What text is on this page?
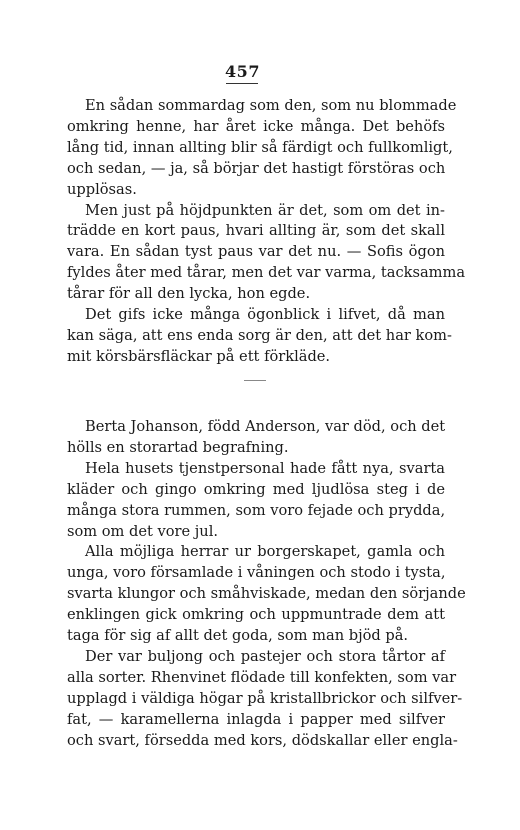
457

En sådan sommardag som den, som nu blommade
omkring henne, har året icke många. Det behöfs
lång tid, innan allting blir så färdigt och fullkomligt,
och sedan, — ja, så börjar det hastigt förstöras och
upplösas.

Men just på höjdpunkten är det, som om det in-
trädde en kort paus, hvari allting är, som det skall
vara. En sådan tyst paus var det nu. — Sofis ögon
fyldes åter med tårar, men det var varma, tacksamma
tårar för all den lycka, hon egde.

Det gifs icke många ögonblick i lifvet, då man
kan säga, att ens enda sorg är den, att det har kom-
mit körsbärsfläckar på ett förkläde.

Berta Johanson, född Anderson, var död, och det
hölls en storartad begrafning.

Hela husets tjenstpersonal hade fått nya, svarta
kläder och gingo omkring med ljudlösa steg i de
många stora rummen, som voro fejade och prydda,
som om det vore jul.

Alla möjliga herrar ur borgerskapet, gamla och
unga, voro församlade i våningen och stodo i tysta,
svarta klungor och småhviskade, medan den sörjande
enklingen gick omkring och uppmuntrade dem att
taga för sig af allt det goda, som man bjöd på.

Der var buljong och pastejer och stora tårtor af
alla sorter. Rhenvinet flödade till konfekten, som var
upplagd i väldiga högar på kristallbrickor och silfver-
fat, — karamellerna inlagda i papper med silfver
och svart, försedda med kors, dödskallar eller engla-
